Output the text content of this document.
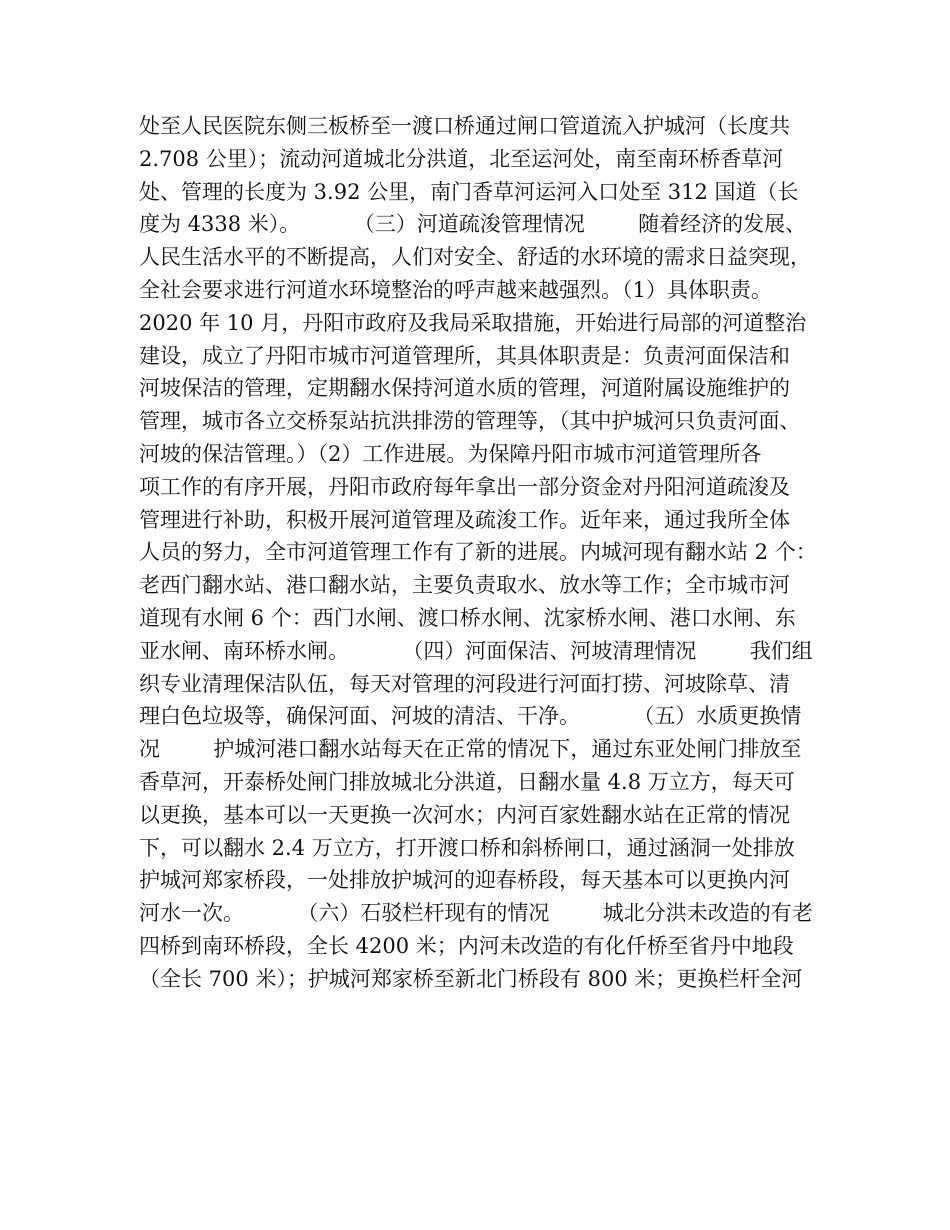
处至人民医院东侧三板桥至一渡口桥通过闸口管道流入护城河（长度共
2.708 公里）；流动河道城北分洪道，北至运河处，南至南环桥香草河
处、管理的长度为 3.92 公里，南门香草河运河入口处至 312 国道（长
度为 4338 米）。        （三）河道疏浚管理情况        随着经济的发展、
人民生活水平的不断提高，人们对安全、舒适的水环境的需求日益突现，
全社会要求进行河道水环境整治的呼声越来越强烈。（1）具体职责。
2020 年 10 月，丹阳市政府及我局采取措施，开始进行局部的河道整治
建设，成立了丹阳市城市河道管理所，其具体职责是：负责河面保洁和
河坡保洁的管理，定期翻水保持河道水质的管理，河道附属设施维护的
管理，城市各立交桥泵站抗洪排涝的管理等，（其中护城河只负责河面、
河坡的保洁管理。）（2）工作进展。为保障丹阳市城市河道管理所各
项工作的有序开展，丹阳市政府每年拿出一部分资金对丹阳河道疏浚及
管理进行补助，积极开展河道管理及疏浚工作。近年来，通过我所全体
人员的努力，全市河道管理工作有了新的进展。内城河现有翻水站 2 个：
老西门翻水站、港口翻水站，主要负责取水、放水等工作；全市城市河
道现有水闸 6 个：西门水闸、渡口桥水闸、沈家桥水闸、港口水闸、东
亚水闸、南环桥水闸。        （四）河面保洁、河坡清理情况        我们组
织专业清理保洁队伍，每天对管理的河段进行河面打捞、河坡除草、清
理白色垃圾等，确保河面、河坡的清洁、干净。        （五）水质更换情
况        护城河港口翻水站每天在正常的情况下，通过东亚处闸门排放至
香草河，开泰桥处闸门排放城北分洪道，日翻水量 4.8 万立方，每天可
以更换，基本可以一天更换一次河水；内河百家姓翻水站在正常的情况
下，可以翻水 2.4 万立方，打开渡口桥和斜桥闸口，通过涵洞一处排放
护城河郑家桥段，一处排放护城河的迎春桥段，每天基本可以更换内河
河水一次。        （六）石驳栏杆现有的情况        城北分洪未改造的有老
四桥到南环桥段，全长 4200 米；内河未改造的有化仟桥至省丹中地段
（全长 700 米）；护城河郑家桥至新北门桥段有 800 米；更换栏杆全河
